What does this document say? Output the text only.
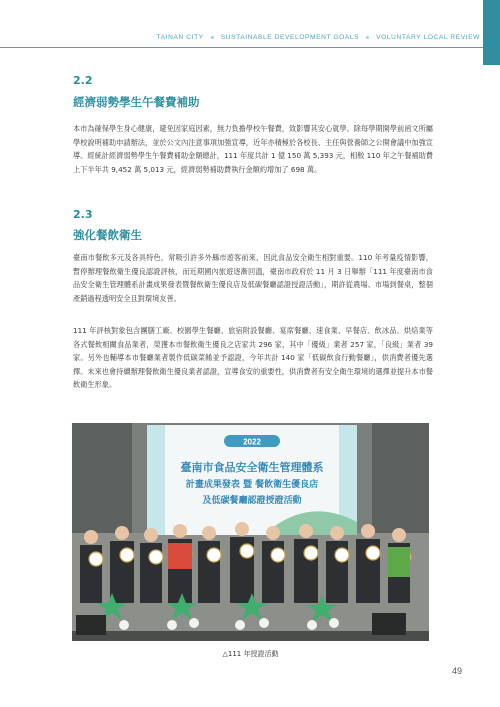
TAINAN CITY	SUSTAINABLE DEVELOPMENT GOALS	VOLUNTARY LOCAL REVIEW
2.2
經濟弱勢學生午餐費補助

本市為確保學生身心健康，避免因家庭因素，無力負擔學校午餐費，致影響其安心就學。除每學期開學前函文所屬學校說明補助申請辦法，並於公文內注意事項加強宣導，近年亦積極於各校長、主任與營養師之公開會議中加強宣導。經統計經濟弱勢學生午餐費補助金額總計，111 年度共計 1 億 150 萬 5,393 元，相較 110 年之午餐補助費上下半年共 9,452 萬 5,013 元，經濟弱勢補助費執行金額約增加了 698 萬。

2.3
強化餐飲衛生

臺南市餐飲多元及各具特色，常吸引許多外縣市遊客前來，因此食品安全衛生相對重要。110 年考量疫情影響，暫停辦理餐飲衛生優良認證評核，而近期國內旅遊逐漸回溫，臺南市政府於 11 月 3 日舉辦「111 年度臺南市食品安全衛生管理體系計畫成果發表暨餐飲衛生優良店及低碳餐廳認證授證活動」，期許從農場、市場到餐桌，整個產銷過程透明安全且對環境友善。

111 年評核對象包含團膳工廠、校園學生餐廳、旅宿附設餐廳、宴席餐廳、速食業、早餐店、飲冰品、烘焙業等各式餐飲相關食品業者，榮獲本市餐飲衛生優良之店家共 296 家，其中「優級」業者 257 家，「良級」業者 39 家。另外也輔導本市餐廳業者製作低碳菜餚並予認證，今年共計 140 家「低碳飲食行動餐廳」，供消費者優先選擇。未來也會持續辦理餐飲衛生優良業者認證，宣導食安的重要性，供消費者有安全衛生環境的選擇並提升本市餐飲衛生形象。

2022
臺南市食品安全衛生管理體系
計畫成果發表 暨 餐飲衛生優良店
及低碳餐廳認證授證活動
△111 年授證活動
49
